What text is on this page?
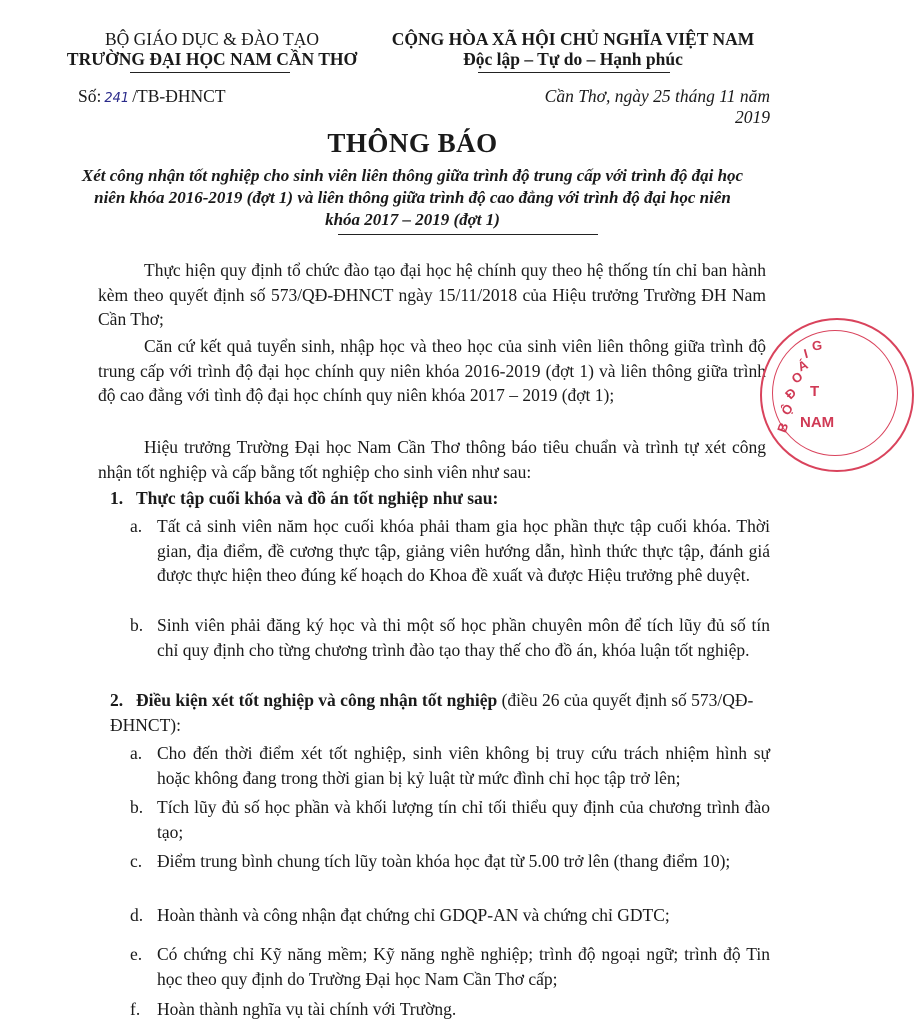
BỘ GIÁO DỤC & ĐÀO TẠO
TRƯỜNG ĐẠI HỌC NAM CẦN THƠ
Số: 241 /TB-ĐHNCT
CỘNG HÒA XÃ HỘI CHỦ NGHĨA VIỆT NAM
Độc lập – Tự do – Hạnh phúc
Cần Thơ, ngày 25 tháng 11 năm 2019
THÔNG BÁO
Xét công nhận tốt nghiệp cho sinh viên liên thông giữa trình độ trung cấp với trình độ đại học niên khóa 2016-2019 (đợt 1) và liên thông giữa trình độ cao đẳng với trình độ đại học niên khóa 2017 – 2019 (đợt 1)
Thực hiện quy định tổ chức đào tạo đại học hệ chính quy theo hệ thống tín chỉ ban hành kèm theo quyết định số 573/QĐ-ĐHNCT ngày 15/11/2018 của Hiệu trưởng Trường ĐH Nam Cần Thơ;
Căn cứ kết quả tuyển sinh, nhập học và theo học của sinh viên liên thông giữa trình độ trung cấp với trình độ đại học chính quy niên khóa 2016-2019 (đợt 1) và liên thông giữa trình độ cao đẳng với tình độ đại học chính quy niên khóa 2017 – 2019 (đợt 1);
Hiệu trưởng Trường Đại học Nam Cần Thơ thông báo tiêu chuẩn và trình tự xét công nhận tốt nghiệp và cấp bằng tốt nghiệp cho sinh viên như sau:
1. Thực tập cuối khóa và đồ án tốt nghiệp như sau:
a. Tất cả sinh viên năm học cuối khóa phải tham gia học phần thực tập cuối khóa. Thời gian, địa điểm, đề cương thực tập, giảng viên hướng dẫn, hình thức thực tập, đánh giá được thực hiện theo đúng kế hoạch do Khoa đề xuất và được Hiệu trưởng phê duyệt.
b. Sinh viên phải đăng ký học và thi một số học phần chuyên môn để tích lũy đủ số tín chỉ quy định cho từng chương trình đào tạo thay thế cho đồ án, khóa luận tốt nghiệp.
2. Điều kiện xét tốt nghiệp và công nhận tốt nghiệp (điều 26 của quyết định số 573/QĐ-ĐHNCT):
a. Cho đến thời điểm xét tốt nghiệp, sinh viên không bị truy cứu trách nhiệm hình sự hoặc không đang trong thời gian bị kỷ luật từ mức đình chỉ học tập trở lên;
b. Tích lũy đủ số học phần và khối lượng tín chỉ tối thiểu quy định của chương trình đào tạo;
c. Điểm trung bình chung tích lũy toàn khóa học đạt từ 5.00 trở lên (thang điểm 10);
d. Hoàn thành và công nhận đạt chứng chỉ GDQP-AN và chứng chỉ GDTC;
e. Có chứng chỉ Kỹ năng mềm; Kỹ năng nghề nghiệp; trình độ ngoại ngữ; trình độ Tin học theo quy định do Trường Đại học Nam Cần Thơ cấp;
f. Hoàn thành nghĩa vụ tài chính với Trường.
B
Ộ
Đ
O
Á
I
G
T
NAM
